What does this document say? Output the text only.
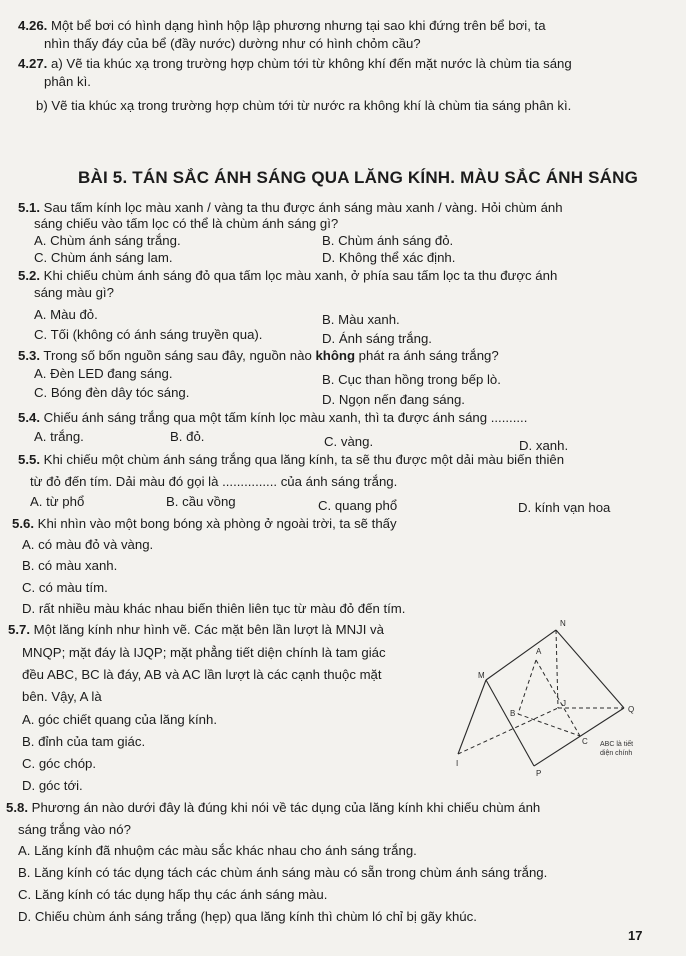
4.26. Một bể bơi có hình dạng hình hộp lập phương nhưng tại sao khi đứng trên bể bơi, ta
nhìn thấy đáy của bể (đầy nước) dường như có hình chỏm cầu?
4.27. a) Vẽ tia khúc xạ trong trường hợp chùm tới từ không khí đến mặt nước là chùm tia sáng
phân kì.
b) Vẽ tia khúc xạ trong trường hợp chùm tới từ nước ra không khí là chùm tia sáng phân kì.
BÀI 5. TÁN SẮC ÁNH SÁNG QUA LĂNG KÍNH. MÀU SẮC ÁNH SÁNG
5.1. Sau tấm kính lọc màu xanh / vàng ta thu được ánh sáng màu xanh / vàng. Hỏi chùm ánh
sáng chiếu vào tấm lọc có thể là chùm ánh sáng gì?
A. Chùm ánh sáng trắng.	B. Chùm ánh sáng đỏ.
C. Chùm ánh sáng lam.	D. Không thể xác định.
5.2. Khi chiếu chùm ánh sáng đỏ qua tấm lọc màu xanh, ở phía sau tấm lọc ta thu được ánh
sáng màu gì?
A. Màu đỏ.	B. Màu xanh.
C. Tối (không có ánh sáng truyền qua).	D. Ánh sáng trắng.
5.3. Trong số bốn nguồn sáng sau đây, nguồn nào không phát ra ánh sáng trắng?
A. Đèn LED đang sáng.	B. Cục than hồng trong bếp lò.
C. Bóng đèn dây tóc sáng.	D. Ngọn nến đang sáng.
5.4. Chiếu ánh sáng trắng qua một tấm kính lọc màu xanh, thì ta được ánh sáng ..........
A. trắng.	B. đỏ.	C. vàng.	D. xanh.
5.5. Khi chiếu một chùm ánh sáng trắng qua lăng kính, ta sẽ thu được một dải màu biến thiên
từ đỏ đến tím. Dải màu đó gọi là ............... của ánh sáng trắng.
A. từ phổ	B. cầu vồng	C. quang phổ	D. kính vạn hoa
5.6. Khi nhìn vào một bong bóng xà phòng ở ngoài trời, ta sẽ thấy
A. có màu đỏ và vàng.
B. có màu xanh.
C. có màu tím.
D. rất nhiều màu khác nhau biến thiên liên tục từ màu đỏ đến tím.
5.7. Một lăng kính như hình vẽ. Các mặt bên lần lượt là MNJI và
MNQP; mặt đáy là IJQP; mặt phẳng tiết diện chính là tam giác
đều ABC, BC là đáy, AB và AC lần lượt là các cạnh thuộc mặt
bên. Vậy, A là
A. góc chiết quang của lăng kính.
B. đỉnh của tam giác.
C. góc chóp.
D. góc tới.
N
A
M
J
B	Q
C
I
P
ABC là tiết
diện chính
5.8. Phương án nào dưới đây là đúng khi nói về tác dụng của lăng kính khi chiếu chùm ánh
sáng trắng vào nó?
A. Lăng kính đã nhuộm các màu sắc khác nhau cho ánh sáng trắng.
B. Lăng kính có tác dụng tách các chùm ánh sáng màu có sẵn trong chùm ánh sáng trắng.
C. Lăng kính có tác dụng hấp thụ các ánh sáng màu.
D. Chiếu chùm ánh sáng trắng (hẹp) qua lăng kính thì chùm ló chỉ bị gãy khúc.
17
